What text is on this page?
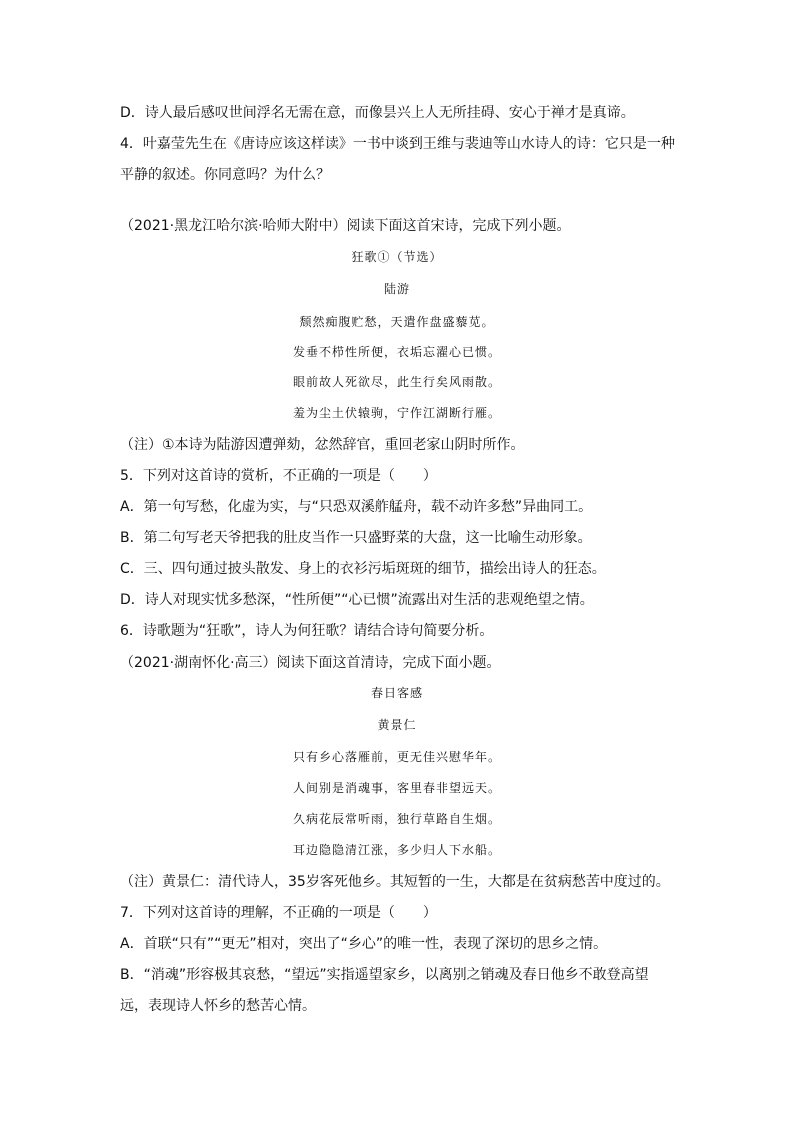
D．诗人最后感叹世间浮名无需在意，而像昙兴上人无所挂碍、安心于禅才是真谛。
4．叶嘉莹先生在《唐诗应该这样读》一书中谈到王维与裴迪等山水诗人的诗：它只是一种
平静的叙述。你同意吗？为什么？
（2021·黑龙江哈尔滨·哈师大附中）阅读下面这首宋诗，完成下列小题。
狂歌①（节选）
陆游
颓然痴腹贮愁，天遣作盘盛藜苋。
发垂不栉性所便，衣垢忘濯心已惯。
眼前故人死欲尽，此生行矣风雨散。
羞为尘土伏辕驹，宁作江湖断行雁。
（注）①本诗为陆游因遭弹劾，忿然辞官，重回老家山阴时所作。
5．下列对这首诗的赏析，不正确的一项是（　　）
A．第一句写愁，化虚为实，与“只恐双溪舴艋舟，载不动许多愁”异曲同工。
B．第二句写老天爷把我的肚皮当作一只盛野菜的大盘，这一比喻生动形象。
C．三、四句通过披头散发、身上的衣衫污垢斑斑的细节，描绘出诗人的狂态。
D．诗人对现实忧多愁深，“性所便”“心已惯”流露出对生活的悲观绝望之情。
6．诗歌题为“狂歌”，诗人为何狂歌？请结合诗句简要分析。
（2021·湖南怀化·高三）阅读下面这首清诗，完成下面小题。
春日客感
黄景仁
只有乡心落雁前，更无佳兴慰华年。
人间别是消魂事，客里春非望远天。
久病花辰常听雨，独行草路自生烟。
耳边隐隐清江涨，多少归人下水船。
（注）黄景仁：清代诗人，35岁客死他乡。其短暂的一生，大都是在贫病愁苦中度过的。
7．下列对这首诗的理解，不正确的一项是（　　）
A．首联“只有”“更无”相对，突出了“乡心”的唯一性，表现了深切的思乡之情。
B．“消魂”形容极其哀愁，“望远”实指遥望家乡，以离别之销魂及春日他乡不敢登高望
远，表现诗人怀乡的愁苦心情。
